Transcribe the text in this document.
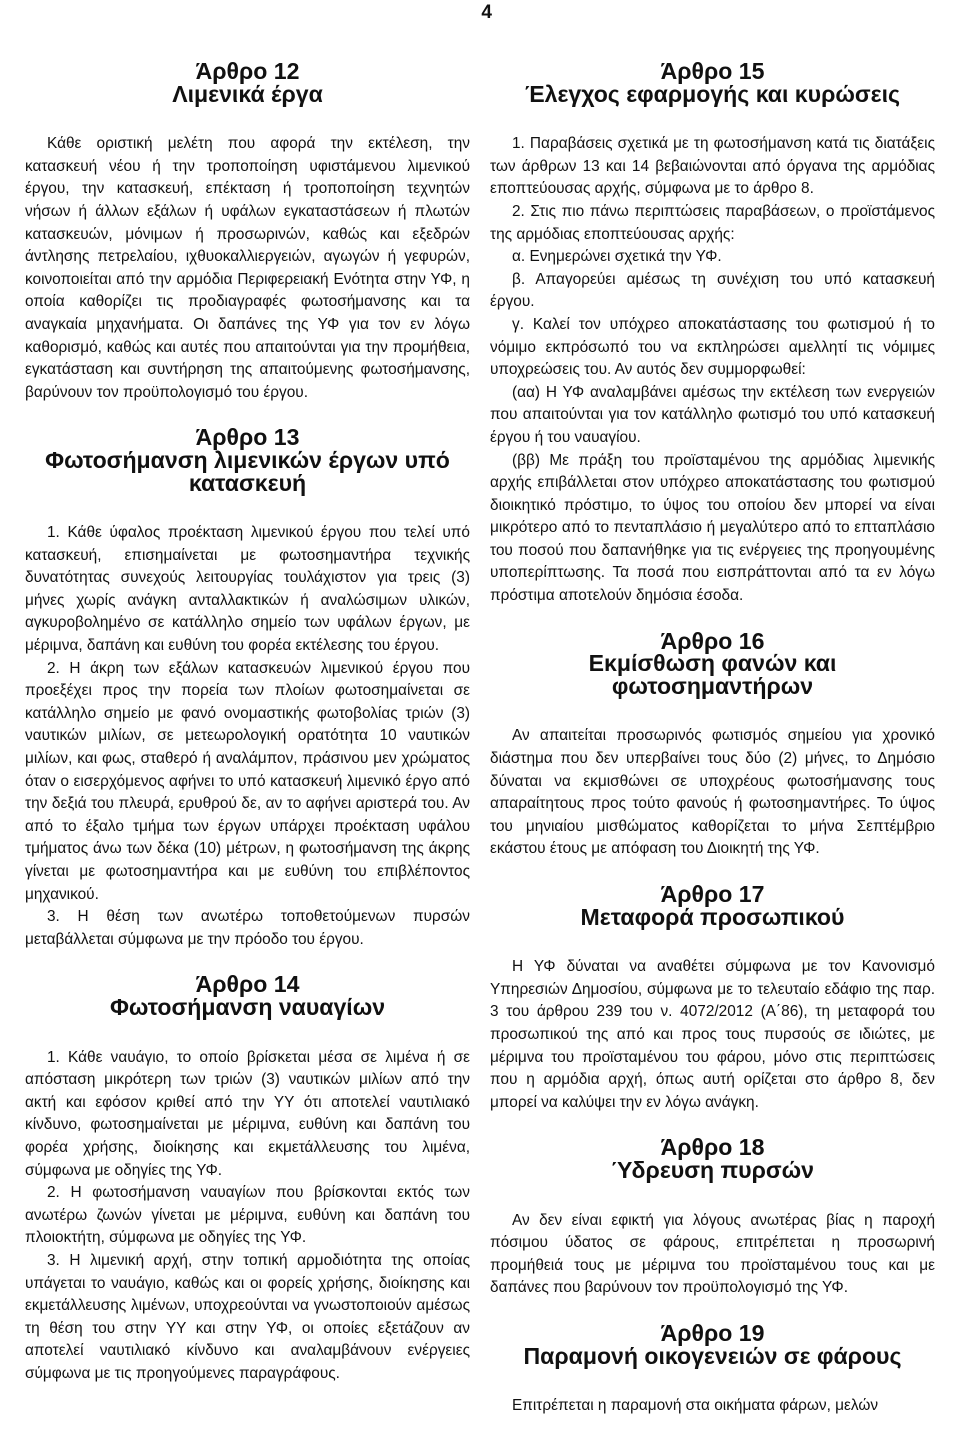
4
Άρθρο 12
Λιμενικά έργα

Κάθε οριστική μελέτη που αφορά την εκτέλεση, την κατασκευή νέου ή την τροποποίηση υφιστάμενου λιμενικού έργου, την κατασκευή, επέκταση ή τροποποίηση τεχνητών νήσων ή άλλων εξάλων ή υφάλων εγκαταστάσεων ή πλωτών κατασκευών, μόνιμων ή προσωρινών, καθώς και εξεδρών άντλησης πετρελαίου, ιχθυοκαλλιεργειών, αγωγών ή γεφυρών, κοινοποιείται από την αρμόδια Περιφερειακή Ενότητα στην ΥΦ, η οποία καθορίζει τις προδιαγραφές φωτοσήμανσης και τα αναγκαία μηχανήματα. Οι δαπάνες της ΥΦ για τον εν λόγω καθορισμό, καθώς και αυτές που απαιτούνται για την προμήθεια, εγκατάσταση και συντήρηση της απαιτούμενης φωτοσήμανσης, βαρύνουν τον προϋπολογισμό του έργου.

Άρθρο 13
Φωτοσήμανση λιμενικών έργων υπό κατασκευή

1. Κάθε ύφαλος προέκταση λιμενικού έργου που τελεί υπό κατασκευή, επισημαίνεται με φωτοσημαντήρα τεχνικής δυνατότητας συνεχούς λειτουργίας τουλάχιστον για τρεις (3) μήνες χωρίς ανάγκη ανταλλακτικών ή αναλώσιμων υλικών, αγκυροβολημένο σε κατάλληλο σημείο των υφάλων έργων, με μέριμνα, δαπάνη και ευθύνη του φορέα εκτέλεσης του έργου.

2. Η άκρη των εξάλων κατασκευών λιμενικού έργου που προεξέχει προς την πορεία των πλοίων φωτοσημαίνεται σε κατάλληλο σημείο με φανό ονομαστικής φωτοβολίας τριών (3) ναυτικών μιλίων, σε μετεωρολογική ορατότητα 10 ναυτικών μιλίων, και φως, σταθερό ή αναλάμπον, πράσινου μεν χρώματος όταν ο εισερχόμενος αφήνει το υπό κατασκευή λιμενικό έργο από την δεξιά του πλευρά, ερυθρού δε, αν το αφήνει αριστερά του. Αν από το έξαλο τμήμα των έργων υπάρχει προέκταση υφάλου τμήματος άνω των δέκα (10) μέτρων, η φωτοσήμανση της άκρης γίνεται με φωτοσημαντήρα και με ευθύνη του επιβλέποντος μηχανικού.

3. Η θέση των ανωτέρω τοποθετούμενων πυρσών μεταβάλλεται σύμφωνα με την πρόοδο του έργου.

Άρθρο 14
Φωτοσήμανση ναυαγίων

1. Κάθε ναυάγιο, το οποίο βρίσκεται μέσα σε λιμένα ή σε απόσταση μικρότερη των τριών (3) ναυτικών μιλίων από την ακτή και εφόσον κριθεί από την ΥΥ ότι αποτελεί ναυτιλιακό κίνδυνο, φωτοσημαίνεται με μέριμνα, ευθύνη και δαπάνη του φορέα χρήσης, διοίκησης και εκμετάλλευσης του λιμένα, σύμφωνα με οδηγίες της ΥΦ.

2. Η φωτοσήμανση ναυαγίων που βρίσκονται εκτός των ανωτέρω ζωνών γίνεται με μέριμνα, ευθύνη και δαπάνη του πλοιοκτήτη, σύμφωνα με οδηγίες της ΥΦ.

3. Η λιμενική αρχή, στην τοπική αρμοδιότητα της οποίας υπάγεται το ναυάγιο, καθώς και οι φορείς χρήσης, διοίκησης και εκμετάλλευσης λιμένων, υποχρεούνται να γνωστοποιούν αμέσως τη θέση του στην ΥΥ και στην ΥΦ, οι οποίες εξετάζουν αν αποτελεί ναυτιλιακό κίνδυνο και αναλαμβάνουν ενέργειες σύμφωνα με τις προηγούμενες παραγράφους.

Άρθρο 15
Έλεγχος εφαρμογής και κυρώσεις

1. Παραβάσεις σχετικά με τη φωτοσήμανση κατά τις διατάξεις των άρθρων 13 και 14 βεβαιώνονται από όργανα της αρμόδιας εποπτεύουσας αρχής, σύμφωνα με το άρθρο 8.

2. Στις πιο πάνω περιπτώσεις παραβάσεων, ο προϊστάμενος της αρμόδιας εποπτεύουσας αρχής:

α. Ενημερώνει σχετικά την ΥΦ.

β. Απαγορεύει αμέσως τη συνέχιση του υπό κατασκευή έργου.

γ. Καλεί τον υπόχρεο αποκατάστασης του φωτισμού ή το νόμιμο εκπρόσωπό του να εκπληρώσει αμελλητί τις νόμιμες υποχρεώσεις του. Αν αυτός δεν συμμορφωθεί:

(αα) Η ΥΦ αναλαμβάνει αμέσως την εκτέλεση των ενεργειών που απαιτούνται για τον κατάλληλο φωτισμό του υπό κατασκευή έργου ή του ναυαγίου.

(ββ) Με πράξη του προϊσταμένου της αρμόδιας λιμενικής αρχής επιβάλλεται στον υπόχρεο αποκατάστασης του φωτισμού διοικητικό πρόστιμο, το ύψος του οποίου δεν μπορεί να είναι μικρότερο από το πενταπλάσιο ή μεγαλύτερο από το επταπλάσιο του ποσού που δαπανήθηκε για τις ενέργειες της προηγουμένης υποπερίπτωσης. Τα ποσά που εισπράττονται από τα εν λόγω πρόστιμα αποτελούν δημόσια έσοδα.

Άρθρο 16
Εκμίσθωση φανών και φωτοσημαντήρων

Αν απαιτείται προσωρινός φωτισμός σημείου για χρονικό διάστημα που δεν υπερβαίνει τους δύο (2) μήνες, το Δημόσιο δύναται να εκμισθώνει σε υποχρέους φωτοσήμανσης τους απαραίτητους προς τούτο φανούς ή φωτοσημαντήρες. Το ύψος του μηνιαίου μισθώματος καθορίζεται το μήνα Σεπτέμβριο εκάστου έτους με απόφαση του Διοικητή της ΥΦ.

Άρθρο 17
Μεταφορά προσωπικού

Η ΥΦ δύναται να αναθέτει σύμφωνα με τον Κανονισμό Υπηρεσιών Δημοσίου, σύμφωνα με το τελευταίο εδάφιο της παρ. 3 του άρθρου 239 του ν. 4072/2012 (Α΄86), τη μεταφορά του προσωπικού της από και προς τους πυρσούς σε ιδιώτες, με μέριμνα του προϊσταμένου του φάρου, μόνο στις περιπτώσεις που η αρμόδια αρχή, όπως αυτή ορίζεται στο άρθρο 8, δεν μπορεί να καλύψει την εν λόγω ανάγκη.

Άρθρο 18
Ύδρευση πυρσών

Αν δεν είναι εφικτή για λόγους ανωτέρας βίας η παροχή πόσιμου ύδατος σε φάρους, επιτρέπεται η προσωρινή προμήθειά τους με μέριμνα του προϊσταμένου τους και με δαπάνες που βαρύνουν τον προϋπολογισμό της ΥΦ.

Άρθρο 19
Παραμονή οικογενειών σε φάρους

Επιτρέπεται η παραμονή στα οικήματα φάρων, μελών
